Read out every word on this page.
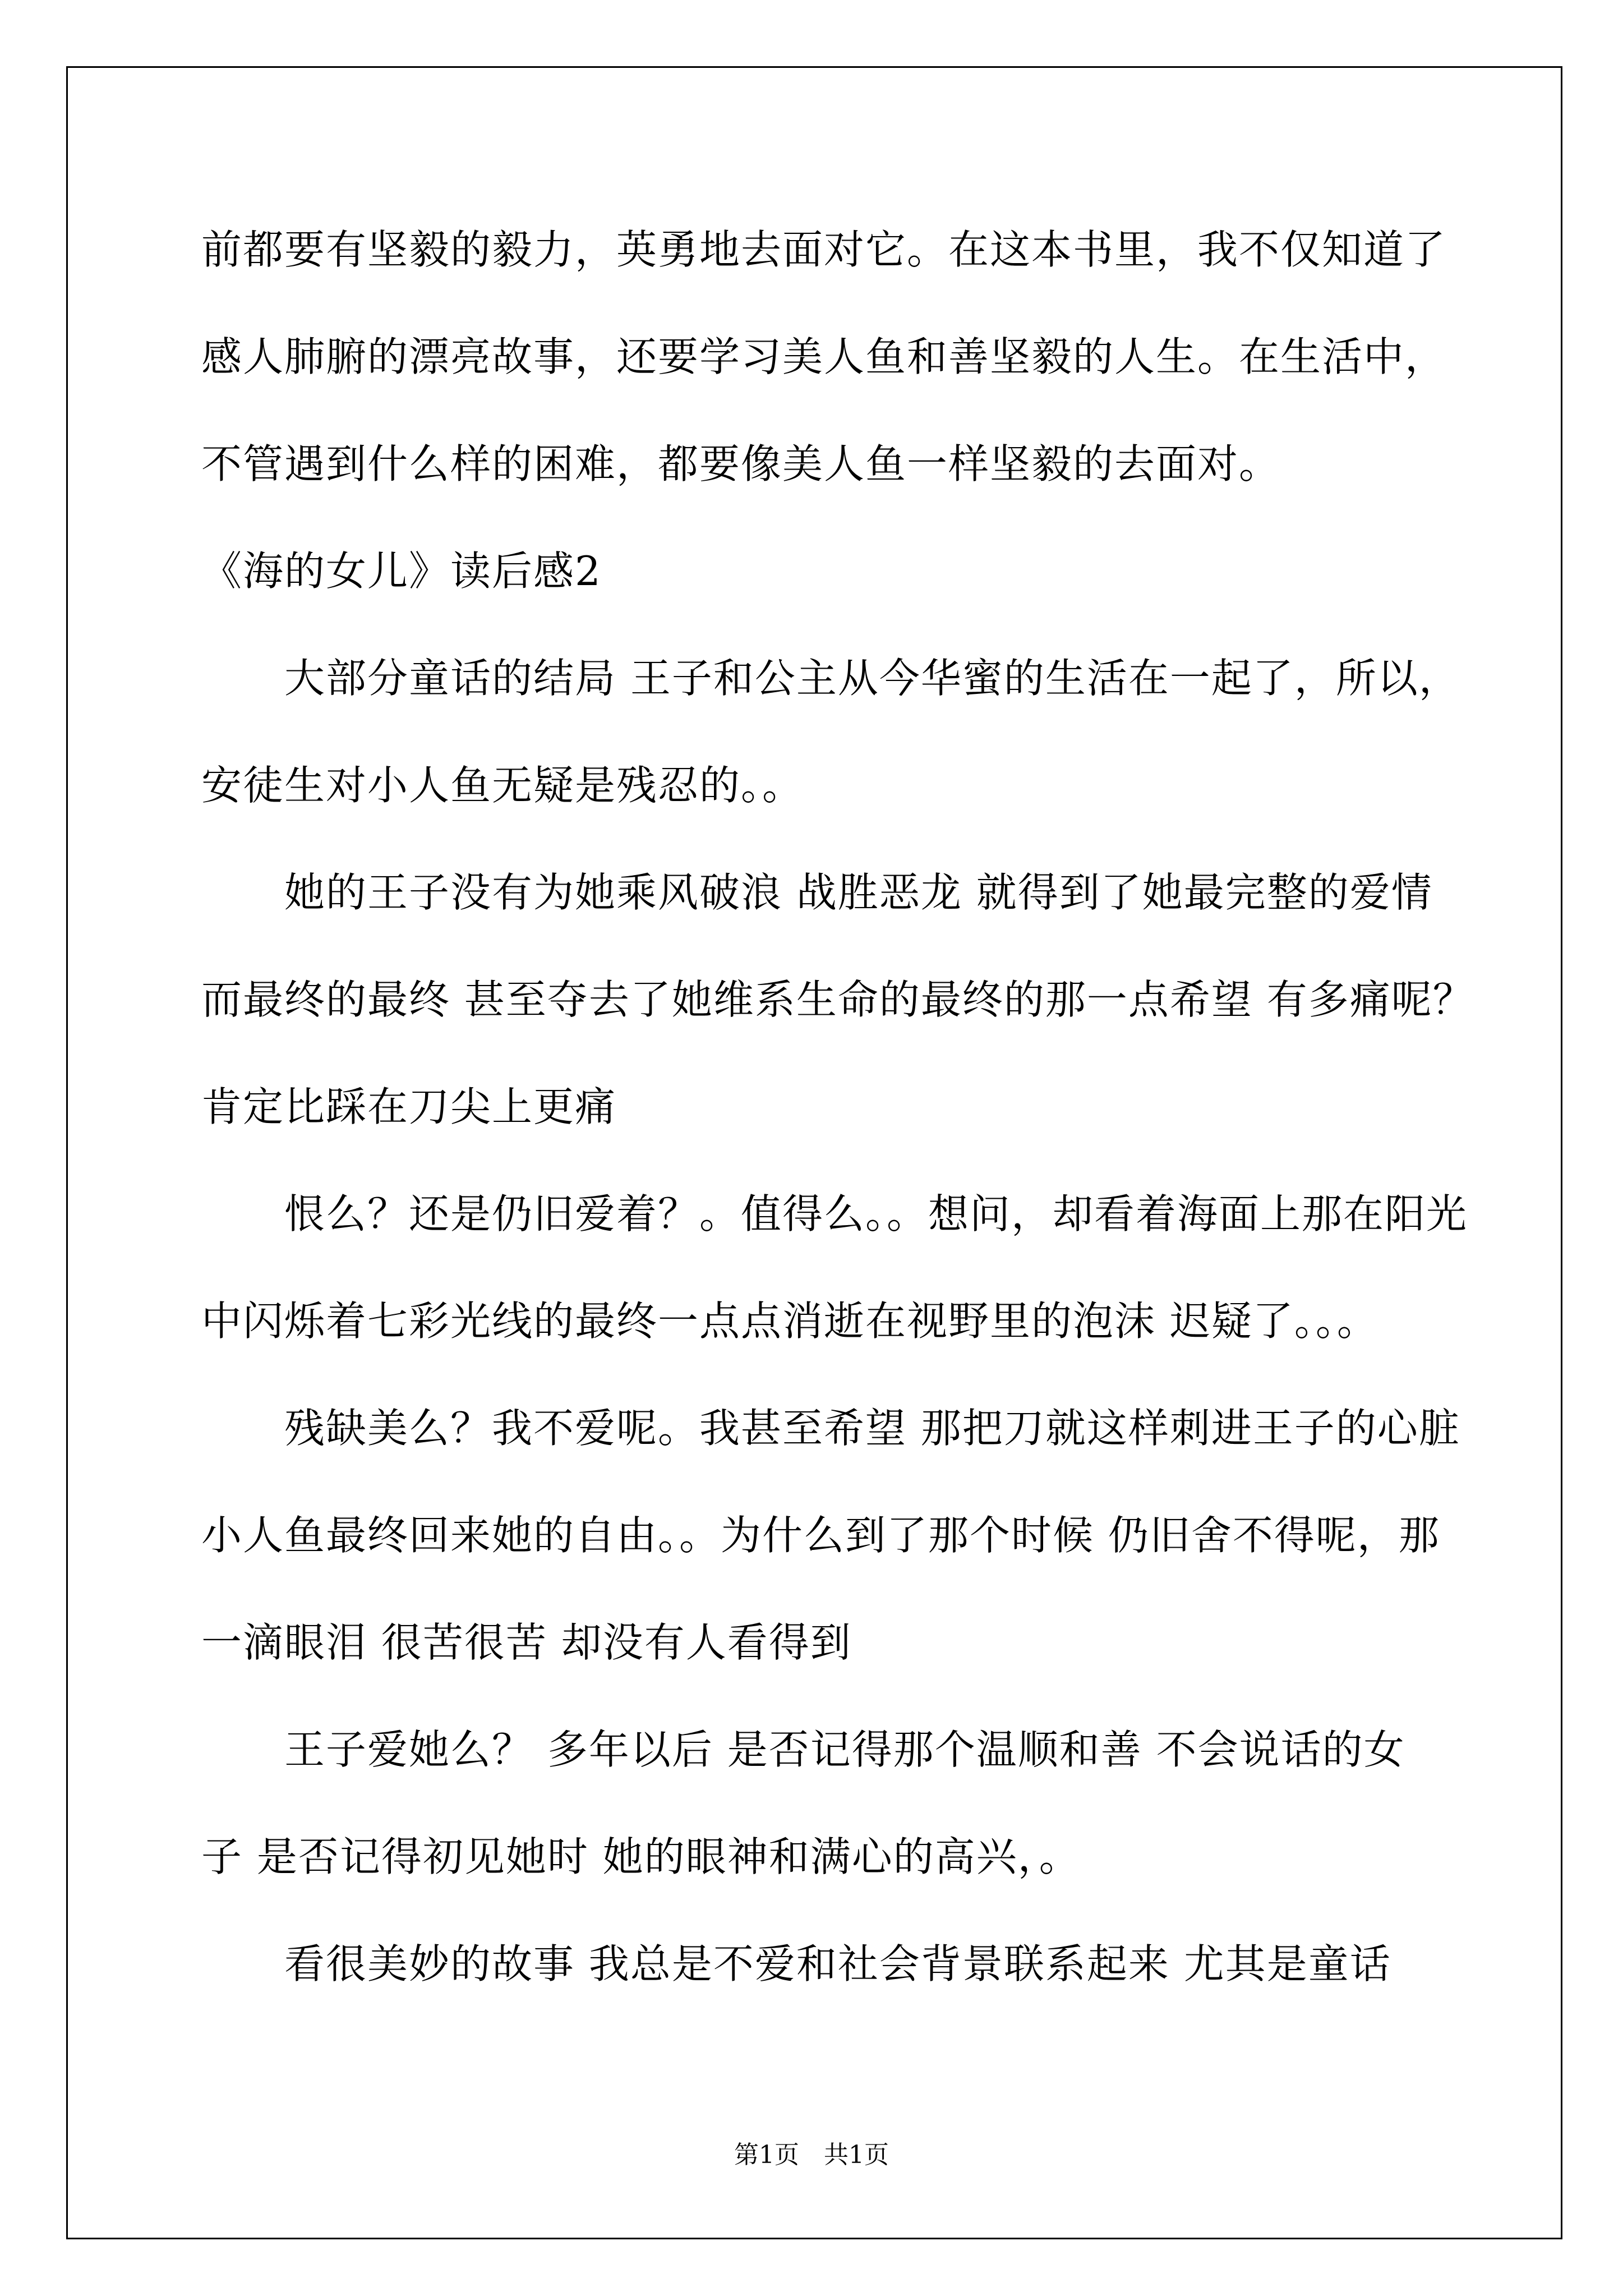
前都要有坚毅的毅力，英勇地去面对它。在这本书里，我不仅知道了
感人肺腑的漂亮故事，还要学习美人鱼和善坚毅的人生。在生活中，
不管遇到什么样的困难，都要像美人鱼一样坚毅的去面对。
《海的女儿》读后感2
大部分童话的结局 王子和公主从今华蜜的生活在一起了，所以，
安徒生对小人鱼无疑是残忍的。。
她的王子没有为她乘风破浪 战胜恶龙 就得到了她最完整的爱情
而最终的最终 甚至夺去了她维系生命的最终的那一点希望 有多痛呢？
肯定比踩在刀尖上更痛
恨么？还是仍旧爱着？。值得么。。想问，却看着海面上那在阳光
中闪烁着七彩光线的最终一点点消逝在视野里的泡沫 迟疑了。。。
残缺美么？我不爱呢。我甚至希望 那把刀就这样刺进王子的心脏
小人鱼最终回来她的自由。。为什么到了那个时候 仍旧舍不得呢，那
一滴眼泪 很苦很苦 却没有人看得到
王子爱她么？ 多年以后 是否记得那个温顺和善 不会说话的女
子 是否记得初见她时 她的眼神和满心的高兴，。
看很美妙的故事 我总是不爱和社会背景联系起来 尤其是童话
第1页　共1页
